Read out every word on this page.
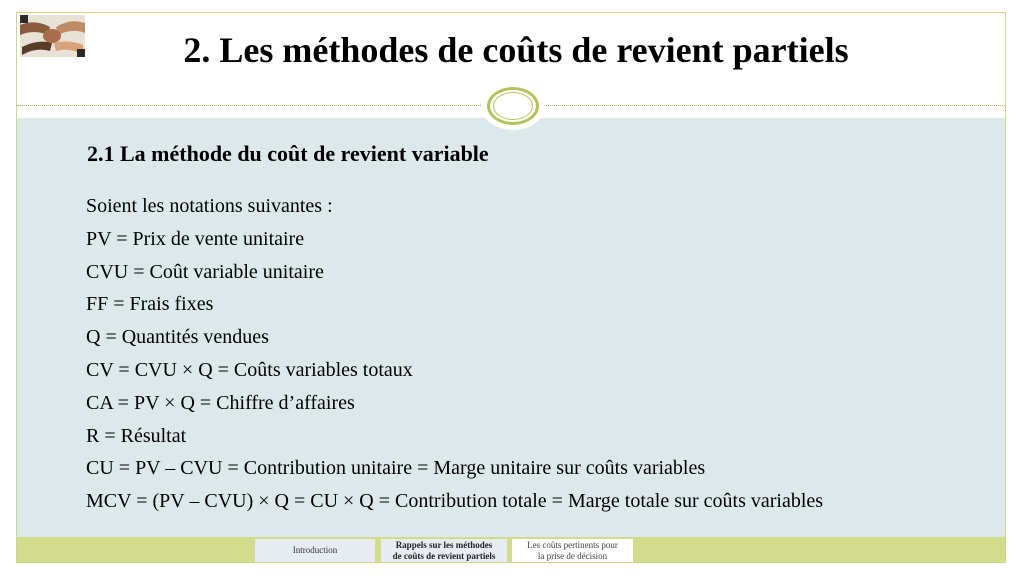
2. Les méthodes de coûts de revient partiels
2.1 La méthode du coût de revient variable
Soient les notations suivantes :
PV = Prix de vente unitaire
CVU = Coût variable unitaire
FF = Frais fixes
Q = Quantités vendues
CV = CVU × Q = Coûts variables totaux
CA = PV × Q = Chiffre d’affaires
R = Résultat
CU = PV – CVU = Contribution unitaire = Marge unitaire sur coûts variables
MCV = (PV – CVU) × Q = CU × Q = Contribution totale = Marge totale sur coûts variables
Introduction
Rappels sur les méthodes
de coûts de revient partiels
Les coûts pertinents pour
la prise de décision
